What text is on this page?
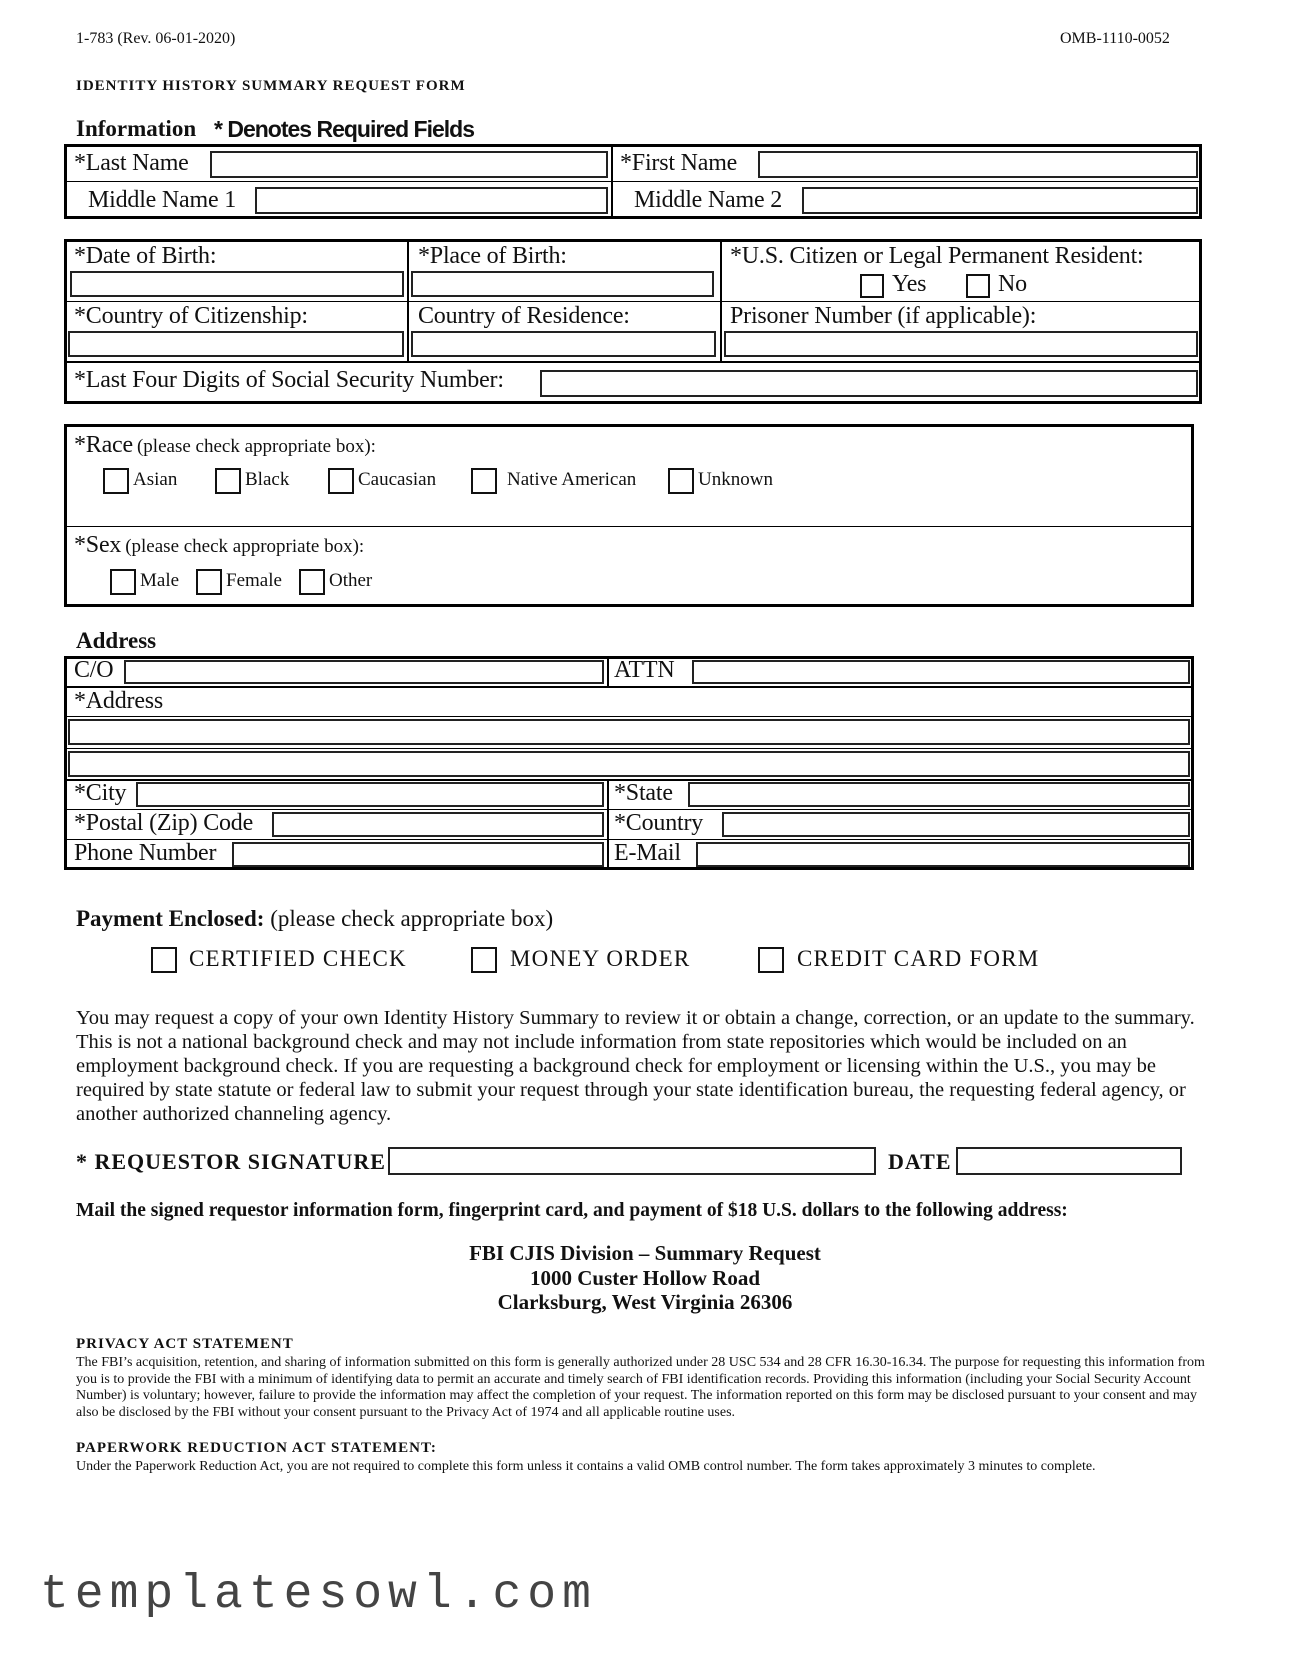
1-783 (Rev. 06-01-2020)	OMB-1110-0052
IDENTITY HISTORY SUMMARY REQUEST FORM
Information * Denotes Required Fields
*Last Name	*First Name
Middle Name 1	Middle Name 2
*Date of Birth:	*Place of Birth:	*U.S. Citizen or Legal Permanent Resident:
Yes	No
*Country of Citizenship:	Country of Residence:	Prisoner Number (if applicable):
*Last Four Digits of Social Security Number:
*Race (please check appropriate box):
Asian	Black	Caucasian	Native American	Unknown
*Sex (please check appropriate box):
Male Female Other
Address
C/O	ATTN
*Address
*City	*State
*Postal (Zip) Code	*Country
Phone Number	E-Mail
Payment Enclosed: (please check appropriate box)
CERTIFIED CHECK	MONEY ORDER	CREDIT CARD FORM
You may request a copy of your own Identity History Summary to review it or obtain a change, correction, or an update to the summary. This is not a national background check and may not include information from state repositories which would be included on an employment background check. If you are requesting a background check for employment or licensing within the U.S., you may be required by state statute or federal law to submit your request through your state identification bureau, the requesting federal agency, or another authorized channeling agency.
* REQUESTOR SIGNATURE	DATE
Mail the signed requestor information form, fingerprint card, and payment of $18 U.S. dollars to the following address:
FBI CJIS Division – Summary Request
1000 Custer Hollow Road
Clarksburg, West Virginia 26306
PRIVACY ACT STATEMENT
The FBI’s acquisition, retention, and sharing of information submitted on this form is generally authorized under 28 USC 534 and 28 CFR 16.30-16.34. The purpose for requesting this information from you is to provide the FBI with a minimum of identifying data to permit an accurate and timely search of FBI identification records. Providing this information (including your Social Security Account Number) is voluntary; however, failure to provide the information may affect the completion of your request. The information reported on this form may be disclosed pursuant to your consent and may also be disclosed by the FBI without your consent pursuant to the Privacy Act of 1974 and all applicable routine uses.
PAPERWORK REDUCTION ACT STATEMENT:
Under the Paperwork Reduction Act, you are not required to complete this form unless it contains a valid OMB control number. The form takes approximately 3 minutes to complete.
templatesowl.com
